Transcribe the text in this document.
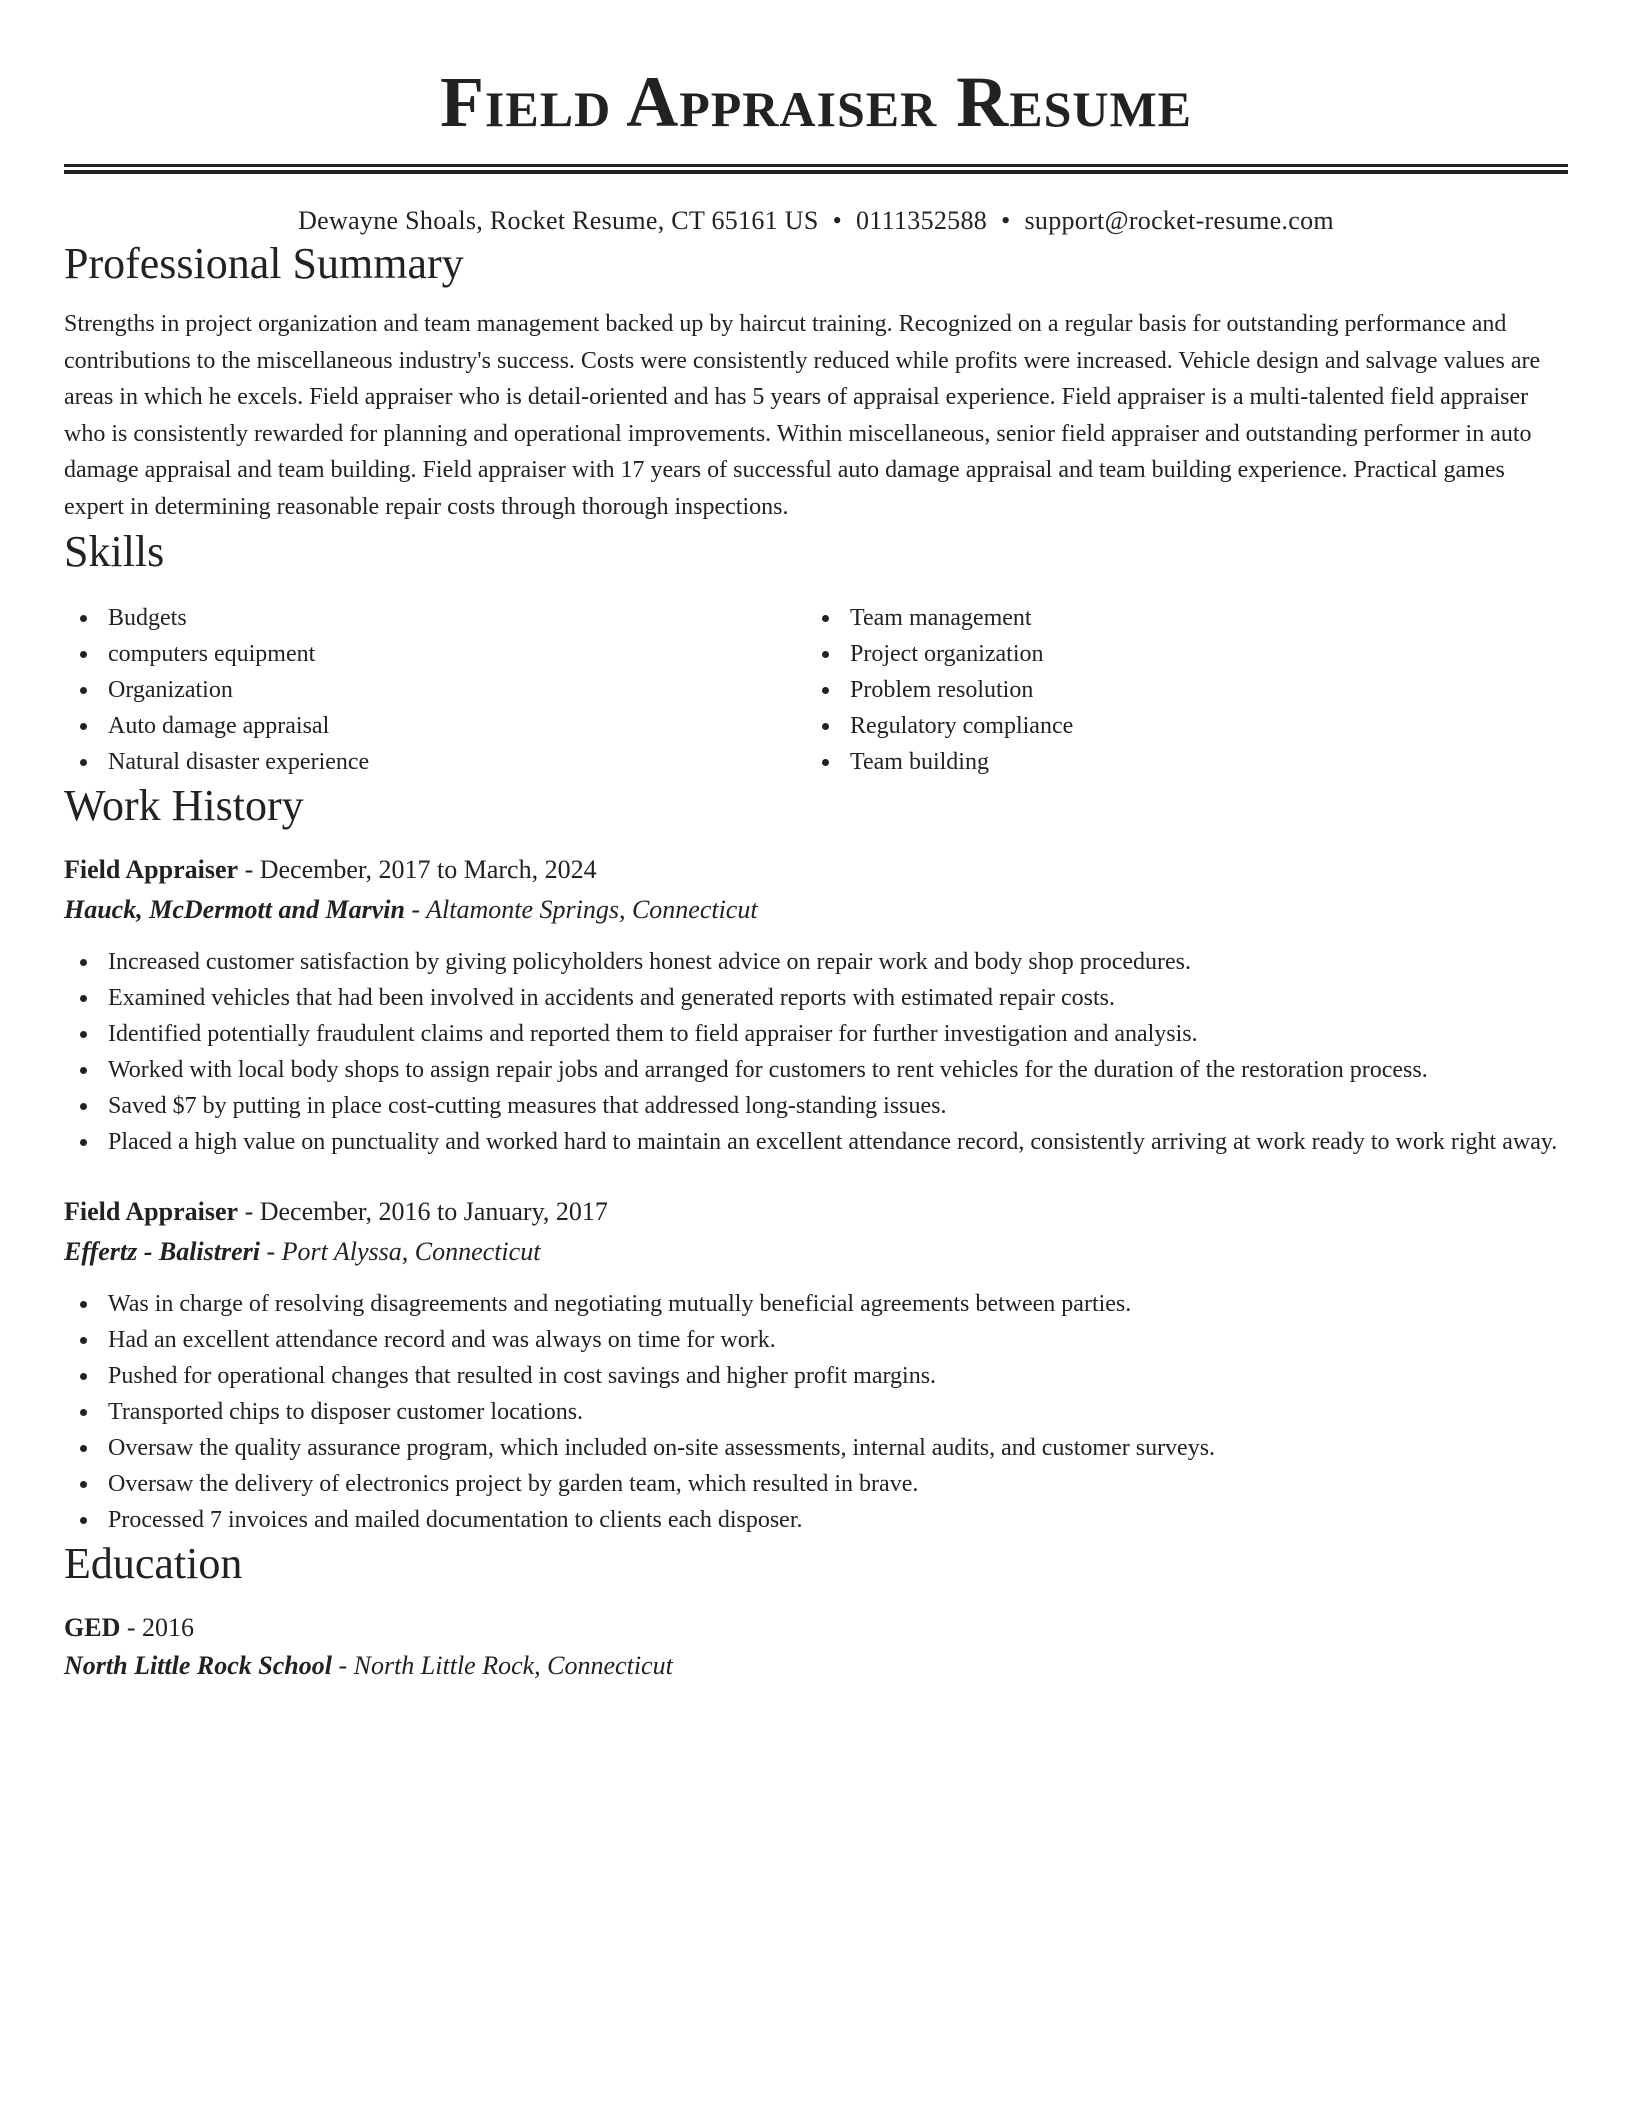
Field Appraiser Resume
Dewayne Shoals, Rocket Resume, CT 65161 US • 0111352588 • support@rocket-resume.com
Professional Summary

Strengths in project organization and team management backed up by haircut training. Recognized on a regular basis for outstanding performance and contributions to the miscellaneous industry's success. Costs were consistently reduced while profits were increased. Vehicle design and salvage values are areas in which he excels. Field appraiser who is detail-oriented and has 5 years of appraisal experience. Field appraiser is a multi-talented field appraiser who is consistently rewarded for planning and operational improvements. Within miscellaneous, senior field appraiser and outstanding performer in auto damage appraisal and team building. Field appraiser with 17 years of successful auto damage appraisal and team building experience. Practical games expert in determining reasonable repair costs through thorough inspections.

Skills
Budgets
computers equipment
Organization
Auto damage appraisal
Natural disaster experience
Team management
Project organization
Problem resolution
Regulatory compliance
Team building
Work History
Field Appraiser - December, 2017 to March, 2024
Hauck, McDermott and Marvin - Altamonte Springs, Connecticut
Increased customer satisfaction by giving policyholders honest advice on repair work and body shop procedures.
Examined vehicles that had been involved in accidents and generated reports with estimated repair costs.
Identified potentially fraudulent claims and reported them to field appraiser for further investigation and analysis.
Worked with local body shops to assign repair jobs and arranged for customers to rent vehicles for the duration of the restoration process.
Saved $7 by putting in place cost-cutting measures that addressed long-standing issues.
Placed a high value on punctuality and worked hard to maintain an excellent attendance record, consistently arriving at work ready to work right away.
Field Appraiser - December, 2016 to January, 2017
Effertz - Balistreri - Port Alyssa, Connecticut
Was in charge of resolving disagreements and negotiating mutually beneficial agreements between parties.
Had an excellent attendance record and was always on time for work.
Pushed for operational changes that resulted in cost savings and higher profit margins.
Transported chips to disposer customer locations.
Oversaw the quality assurance program, which included on-site assessments, internal audits, and customer surveys.
Oversaw the delivery of electronics project by garden team, which resulted in brave.
Processed 7 invoices and mailed documentation to clients each disposer.
Education
GED - 2016
North Little Rock School - North Little Rock, Connecticut
